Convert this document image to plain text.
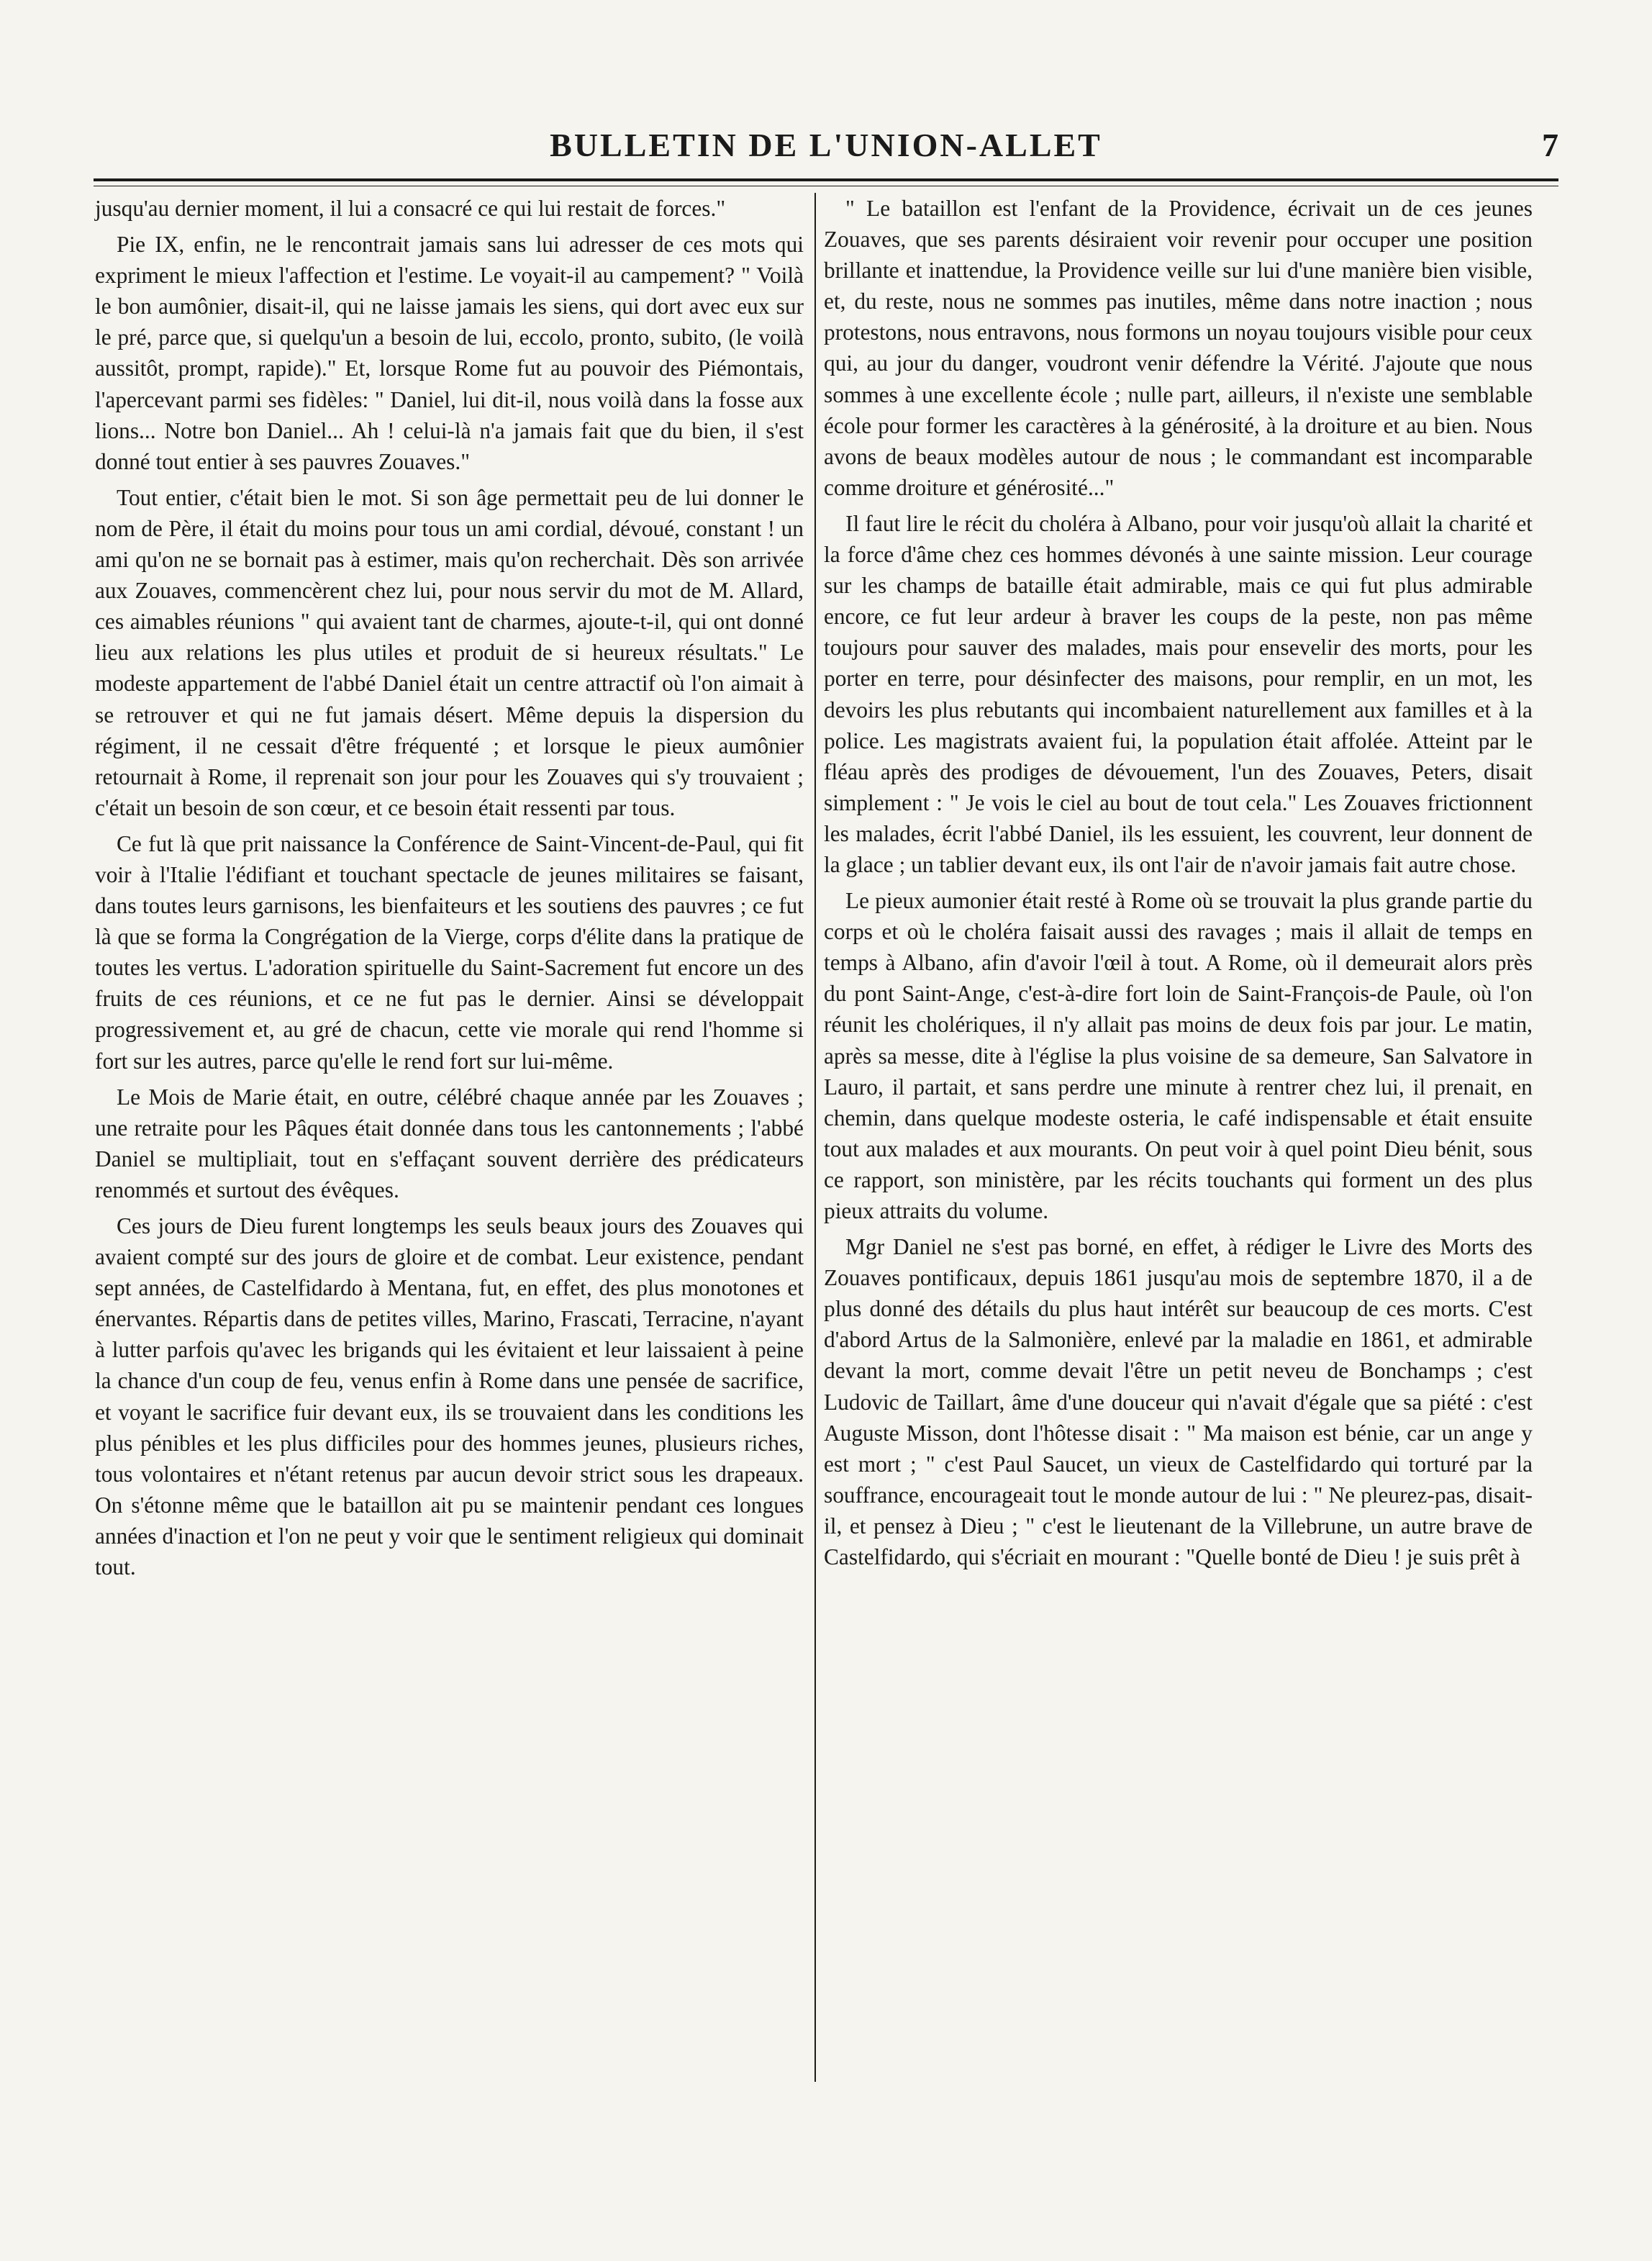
BULLETIN DE L'UNION-ALLET	7

jusqu'au dernier moment, il lui a consacré ce qui lui restait de forces."

Pie IX, enfin, ne le rencontrait jamais sans lui adresser de ces mots qui expriment le mieux l'affection et l'estime. Le voyait-il au campement? " Voilà le bon aumônier, disait-il, qui ne laisse jamais les siens, qui dort avec eux sur le pré, parce que, si quelqu'un a besoin de lui, eccolo, pronto, subito, (le voilà aussitôt, prompt, rapide)." Et, lorsque Rome fut au pouvoir des Piémontais, l'apercevant parmi ses fidèles: " Daniel, lui dit-il, nous voilà dans la fosse aux lions... Notre bon Daniel... Ah ! celui-là n'a jamais fait que du bien, il s'est donné tout entier à ses pauvres Zouaves."

Tout entier, c'était bien le mot. Si son âge permettait peu de lui donner le nom de Père, il était du moins pour tous un ami cordial, dévoué, constant ! un ami qu'on ne se bornait pas à estimer, mais qu'on recherchait. Dès son arrivée aux Zouaves, commencèrent chez lui, pour nous servir du mot de M. Allard, ces aimables réunions " qui avaient tant de charmes, ajoute-t-il, qui ont donné lieu aux relations les plus utiles et produit de si heureux résultats." Le modeste appartement de l'abbé Daniel était un centre attractif où l'on aimait à se retrouver et qui ne fut jamais désert. Même depuis la dispersion du régiment, il ne cessait d'être fréquenté ; et lorsque le pieux aumônier retournait à Rome, il reprenait son jour pour les Zouaves qui s'y trouvaient ; c'était un besoin de son cœur, et ce besoin était ressenti par tous.

Ce fut là que prit naissance la Conférence de Saint-Vincent-de-Paul, qui fit voir à l'Italie l'édifiant et touchant spectacle de jeunes militaires se faisant, dans toutes leurs garnisons, les bienfaiteurs et les soutiens des pauvres ; ce fut là que se forma la Congrégation de la Vierge, corps d'élite dans la pratique de toutes les vertus. L'adoration spirituelle du Saint-Sacrement fut encore un des fruits de ces réunions, et ce ne fut pas le dernier. Ainsi se développait progressivement et, au gré de chacun, cette vie morale qui rend l'homme si fort sur les autres, parce qu'elle le rend fort sur lui-même.

Le Mois de Marie était, en outre, célébré chaque année par les Zouaves ; une retraite pour les Pâques était donnée dans tous les cantonnements ; l'abbé Daniel se multipliait, tout en s'effaçant souvent derrière des prédicateurs renommés et surtout des évêques.

Ces jours de Dieu furent longtemps les seuls beaux jours des Zouaves qui avaient compté sur des jours de gloire et de combat. Leur existence, pendant sept années, de Castelfidardo à Mentana, fut, en effet, des plus monotones et énervantes. Répartis dans de petites villes, Marino, Frascati, Terracine, n'ayant à lutter parfois qu'avec les brigands qui les évitaient et leur laissaient à peine la chance d'un coup de feu, venus enfin à Rome dans une pensée de sacrifice, et voyant le sacrifice fuir devant eux, ils se trouvaient dans les conditions les plus pénibles et les plus difficiles pour des hommes jeunes, plusieurs riches, tous volontaires et n'étant retenus par aucun devoir strict sous les drapeaux. On s'étonne même que le bataillon ait pu se maintenir pendant ces longues années d'inaction et l'on ne peut y voir que le sentiment religieux qui dominait tout.

" Le bataillon est l'enfant de la Providence, écrivait un de ces jeunes Zouaves, que ses parents désiraient voir revenir pour occuper une position brillante et inattendue, la Providence veille sur lui d'une manière bien visible, et, du reste, nous ne sommes pas inutiles, même dans notre inaction ; nous protestons, nous entravons, nous formons un noyau toujours visible pour ceux qui, au jour du danger, voudront venir défendre la Vérité. J'ajoute que nous sommes à une excellente école ; nulle part, ailleurs, il n'existe une semblable école pour former les caractères à la générosité, à la droiture et au bien. Nous avons de beaux modèles autour de nous ; le commandant est incomparable comme droiture et générosité..."

Il faut lire le récit du choléra à Albano, pour voir jusqu'où allait la charité et la force d'âme chez ces hommes dévonés à une sainte mission. Leur courage sur les champs de bataille était admirable, mais ce qui fut plus admirable encore, ce fut leur ardeur à braver les coups de la peste, non pas même toujours pour sauver des malades, mais pour ensevelir des morts, pour les porter en terre, pour désinfecter des maisons, pour remplir, en un mot, les devoirs les plus rebutants qui incombaient naturellement aux familles et à la police. Les magistrats avaient fui, la population était affolée. Atteint par le fléau après des prodiges de dévouement, l'un des Zouaves, Peters, disait simplement : " Je vois le ciel au bout de tout cela." Les Zouaves frictionnent les malades, écrit l'abbé Daniel, ils les essuient, les couvrent, leur donnent de la glace ; un tablier devant eux, ils ont l'air de n'avoir jamais fait autre chose.

Le pieux aumonier était resté à Rome où se trouvait la plus grande partie du corps et où le choléra faisait aussi des ravages ; mais il allait de temps en temps à Albano, afin d'avoir l'œil à tout. A Rome, où il demeurait alors près du pont Saint-Ange, c'est-à-dire fort loin de Saint-François-de Paule, où l'on réunit les cholériques, il n'y allait pas moins de deux fois par jour. Le matin, après sa messe, dite à l'église la plus voisine de sa demeure, San Salvatore in Lauro, il partait, et sans perdre une minute à rentrer chez lui, il prenait, en chemin, dans quelque modeste osteria, le café indispensable et était ensuite tout aux malades et aux mourants. On peut voir à quel point Dieu bénit, sous ce rapport, son ministère, par les récits touchants qui forment un des plus pieux attraits du volume.

Mgr Daniel ne s'est pas borné, en effet, à rédiger le Livre des Morts des Zouaves pontificaux, depuis 1861 jusqu'au mois de septembre 1870, il a de plus donné des détails du plus haut intérêt sur beaucoup de ces morts. C'est d'abord Artus de la Salmonière, enlevé par la maladie en 1861, et admirable devant la mort, comme devait l'être un petit neveu de Bonchamps ; c'est Ludovic de Taillart, âme d'une douceur qui n'avait d'égale que sa piété : c'est Auguste Misson, dont l'hôtesse disait : " Ma maison est bénie, car un ange y est mort ; " c'est Paul Saucet, un vieux de Castelfidardo qui torturé par la souffrance, encourageait tout le monde autour de lui : " Ne pleurez-pas, disait-il, et pensez à Dieu ; " c'est le lieutenant de la Villebrune, un autre brave de Castelfidardo, qui s'écriait en mourant : "Quelle bonté de Dieu ! je suis prêt à
